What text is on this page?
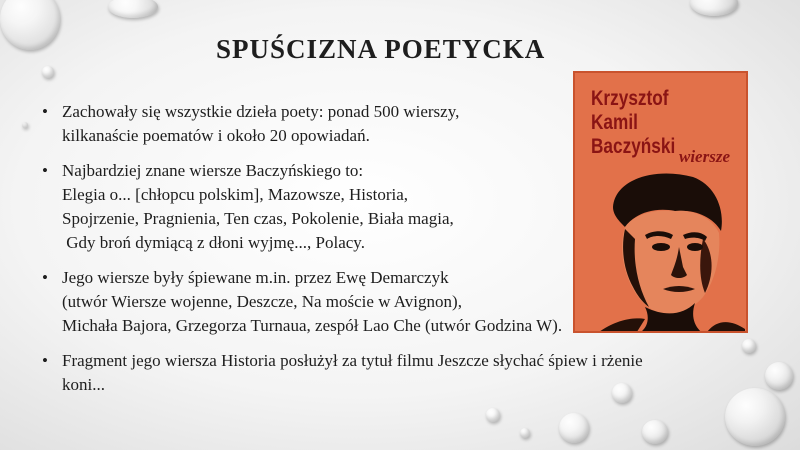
SPUŚCIZNA POETYCKA
• Zachowały się wszystkie dzieła poety: ponad 500 wierszy,
kilkanaście poematów i około 20 opowiadań.
• Najbardziej znane wiersze Baczyńskiego to:
Elegia o... [chłopcu polskim], Mazowsze, Historia,
Spojrzenie, Pragnienia, Ten czas, Pokolenie, Biała magia,
Gdy broń dymiącą z dłoni wyjmę..., Polacy.
• Jego wiersze były śpiewane m.in. przez Ewę Demarczyk
(utwór Wiersze wojenne, Deszcze, Na moście w Avignon),
Michała Bajora, Grzegorza Turnaua, zespół Lao Che (utwór Godzina W).
• Fragment jego wiersza Historia posłużył za tytuł filmu Jeszcze słychać śpiew i rżenie
koni...
Krzysztof Kamil
Baczyński wiersze
